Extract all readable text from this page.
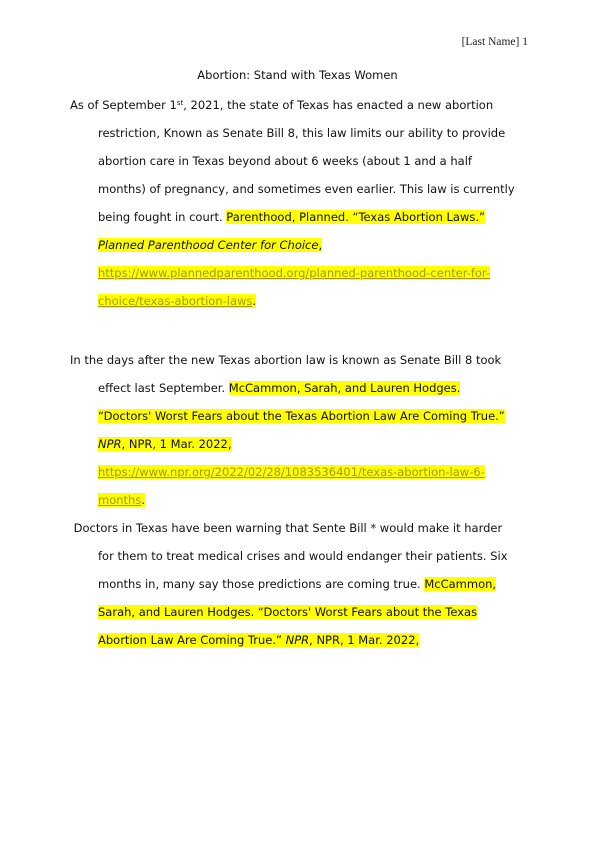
[Last Name] 1
Abortion: Stand with Texas Women
As of September 1st, 2021, the state of Texas has enacted a new abortion
restriction, Known as Senate Bill 8, this law limits our ability to provide
abortion care in Texas beyond about 6 weeks (about 1 and a half
months) of pregnancy, and sometimes even earlier. This law is currently
being fought in court. Parenthood, Planned. “Texas Abortion Laws.”
Planned Parenthood Center for Choice,
https://www.plannedparenthood.org/planned-parenthood-center-for-
choice/texas-abortion-laws.
In the days after the new Texas abortion law is known as Senate Bill 8 took
effect last September. McCammon, Sarah, and Lauren Hodges.
“Doctors' Worst Fears about the Texas Abortion Law Are Coming True.”
NPR, NPR, 1 Mar. 2022,
https://www.npr.org/2022/02/28/1083536401/texas-abortion-law-6-
months.
Doctors in Texas have been warning that Sente Bill * would make it harder
for them to treat medical crises and would endanger their patients. Six
months in, many say those predictions are coming true. McCammon,
Sarah, and Lauren Hodges. “Doctors' Worst Fears about the Texas
Abortion Law Are Coming True.” NPR, NPR, 1 Mar. 2022,
